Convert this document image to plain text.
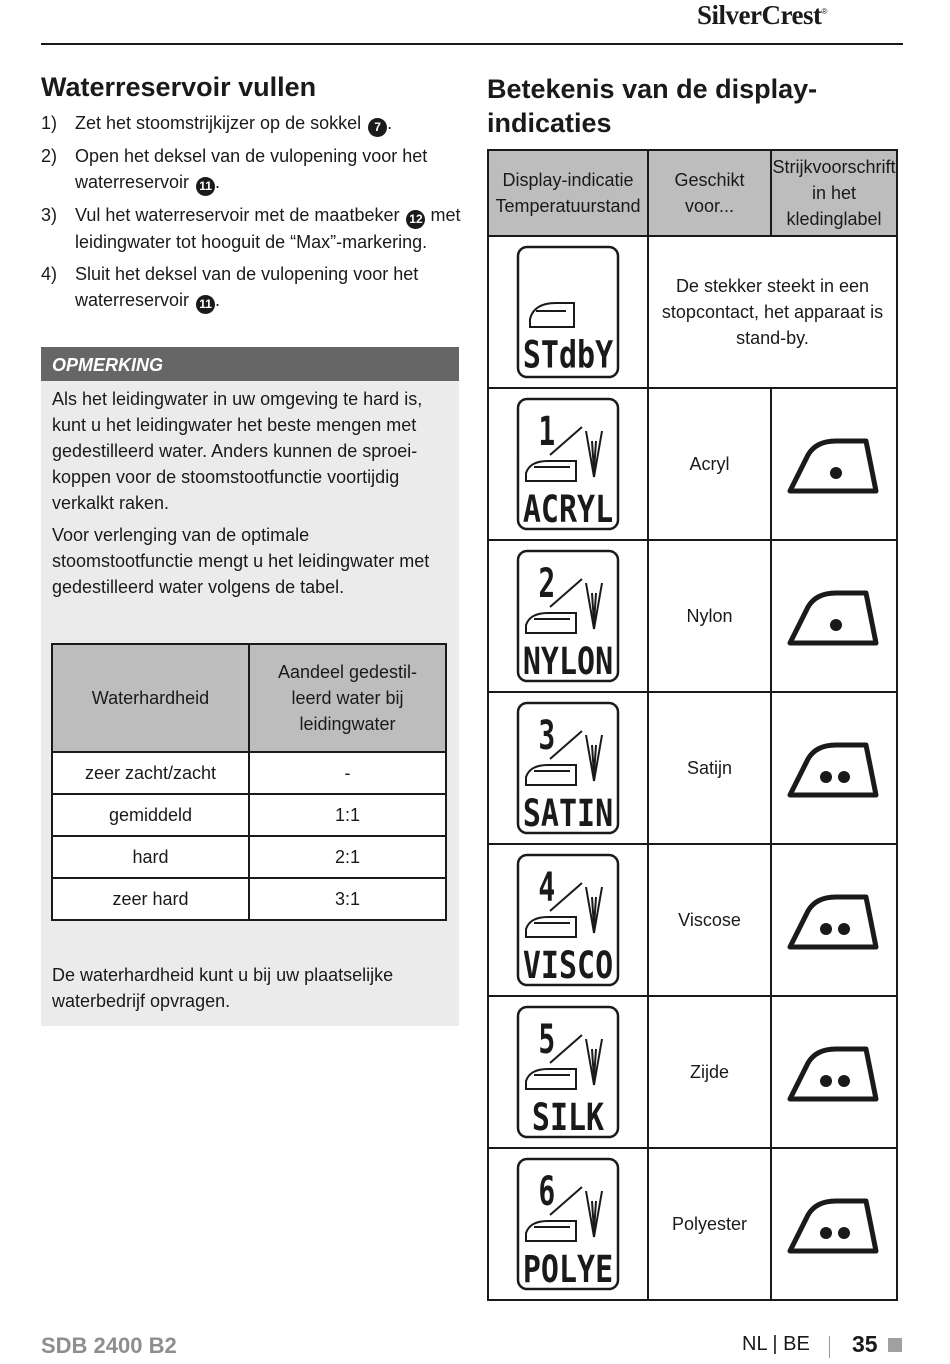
SilverCrest®
Waterreservoir vullen
1) Zet het stoomstrijkijzer op de sokkel 7 .
2) Open het deksel van de vulopening voor het waterreservoir 11 .
3) Vul het waterreservoir met de maatbeker 12 met leidingwater tot hooguit de “Max”-markering.
4) Sluit het deksel van de vulopening voor het waterreservoir 11 .
OPMERKING

Als het leidingwater in uw omgeving te hard is, kunt u het leidingwater het beste mengen met gedestilleerd water. Anders kunnen de sproeikoppen voor de stoomstootfunctie voortijdig verkalkt raken.

Voor verlenging van de optimale stoomstootfunctie mengt u het leidingwater met gedestilleerd water volgens de tabel.

De waterhardheid kunt u bij uw plaatselijke waterbedrijf opvragen.

Waterhardheid	Aandeel gedestilleerd water bij leidingwater
zeer zacht/zacht	-
gemiddeld	1:1
hard	2:1
zeer hard	3:1
Betekenis van de display-indicaties
Display-indicatie Temperatuurstand	Geschikt voor...	Strijkvoorschrift in het kledinglabel

STdbY	De stekker steekt in een stopcontact, het apparaat is stand-by.	

1
ACRYL	Acryl	

2
NYLON	Nylon	

3
SATIN	Satijn	

4
VISCO	Viscose	

5
SILK	Zijde	

6
POLYE	Polyester	
SDB 2400 B2	NL | BE 35
